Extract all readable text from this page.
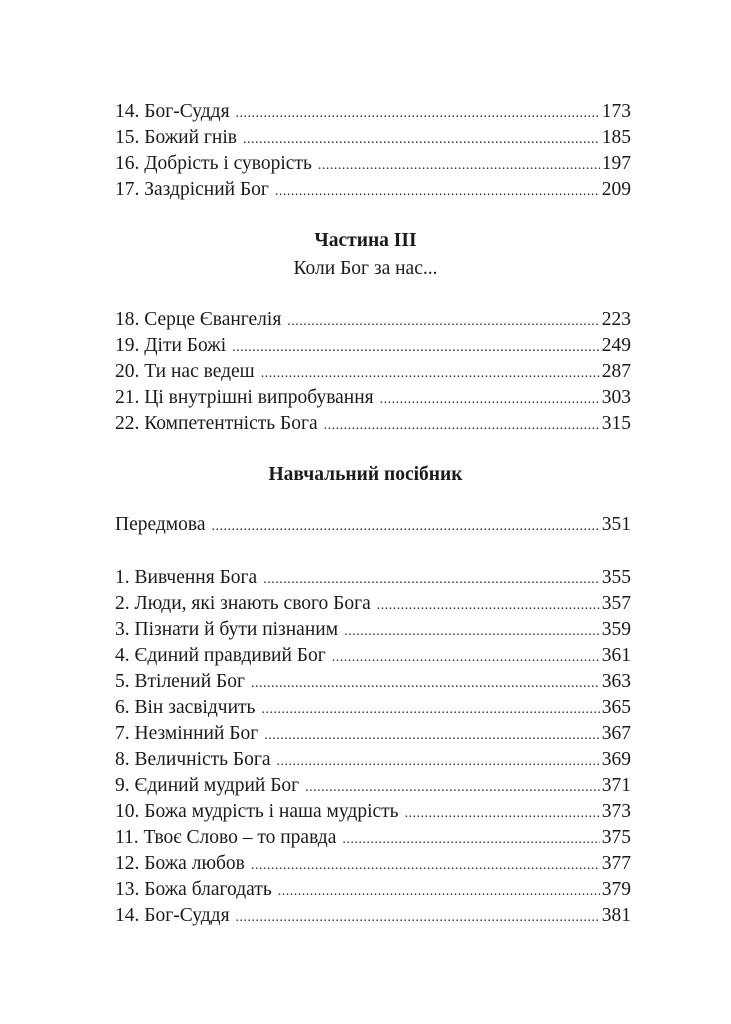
14. Бог-Суддя .....	173
15. Божий гнів .....	185
16. Добрість і суворість .....	197
17. Заздрісний Бог .....	209
Частина III
Коли Бог за нас...
18. Серце Євангелія .....	223
19. Діти Божі .....	249
20. Ти нас ведеш .....	287
21. Ці внутрішні випробування .....	303
22. Компетентність Бога .....	315
Навчальний посібник
Передмова .....	351
1. Вивчення Бога .....	355
2. Люди, які знають свого Бога .....	357
3. Пізнати й бути пізнаним .....	359
4. Єдиний правдивий Бог .....	361
5. Втілений Бог .....	363
6. Він засвідчить .....	365
7. Незмінний Бог .....	367
8. Величність Бога .....	369
9. Єдиний мудрий Бог .....	371
10. Божа мудрість і наша мудрість .....	373
11. Твоє Слово – то правда .....	375
12. Божа любов .....	377
13. Божа благодать .....	379
14. Бог-Суддя .....	381
